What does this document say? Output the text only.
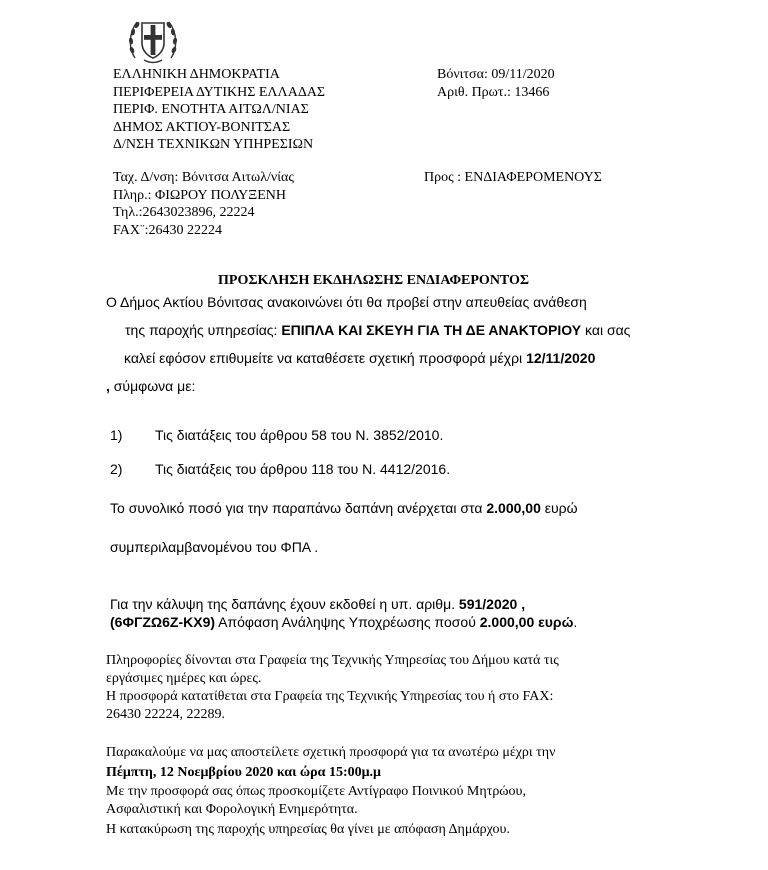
ΕΛΛΗΝΙΚΗ ΔΗΜΟΚΡΑΤΙΑ
ΠΕΡΙΦΕΡΕΙΑ ΔΥΤΙΚΗΣ ΕΛΛΑΔΑΣ
ΠΕΡΙΦ. ΕΝΟΤΗΤΑ ΑΙΤΩΛ/ΝΙΑΣ
ΔΗΜΟΣ ΑΚΤΙΟΥ-ΒΟΝΙΤΣΑΣ
Δ/ΝΣΗ ΤΕΧΝΙΚΩΝ ΥΠΗΡΕΣΙΩΝ
Βόνιτσα: 09/11/2020
Αριθ. Πρωτ.: 13466
Ταχ. Δ/νση: Βόνιτσα Αιτωλ/νίας
Πληρ.: ΦΙΩΡΟΥ ΠΟΛΥΞΕΝΗ
Τηλ.:2643023896, 22224
FAX¨:26430 22224
Προς : ΕΝΔΙΑΦΕΡΟΜΕΝΟΥΣ
ΠΡΟΣΚΛΗΣΗ ΕΚΔΗΛΩΣΗΣ ΕΝΔΙΑΦΕΡΟΝΤΟΣ
Ο Δήμος Ακτίου Βόνιτσας ανακοινώνει ότι θα προβεί στην απευθείας ανάθεση
της παροχής υπηρεσίας: ΕΠΙΠΛΑ ΚΑΙ ΣΚΕΥΗ ΓΙΑ ΤΗ ΔΕ ΑΝΑΚΤΟΡΙΟΥ και σας
καλεί εφόσον επιθυμείτε να καταθέσετε σχετική προσφορά μέχρι 12/11/2020
, σύμφωνα με:
1) Τις διατάξεις του άρθρου 58 του Ν. 3852/2010.
2) Τις διατάξεις του άρθρου 118 του Ν. 4412/2016.
Το συνολικό ποσό για την παραπάνω δαπάνη ανέρχεται στα 2.000,00 ευρώ
συμπεριλαμβανομένου του ΦΠΑ .
Για την κάλυψη της δαπάνης έχουν εκδοθεί η υπ. αριθμ. 591/2020 ,
(6ΦΓΖΩ6Ζ-ΚΧ9) Απόφαση Ανάληψης Υποχρέωσης ποσού 2.000,00 ευρώ.
Πληροφορίες δίνονται στα Γραφεία της Τεχνικής Υπηρεσίας του Δήμου κατά τις
εργάσιμες ημέρες και ώρες.
Η προσφορά κατατίθεται στα Γραφεία της Τεχνικής Υπηρεσίας του ή στο FAX:
26430 22224, 22289.
Παρακαλούμε να μας αποστείλετε σχετική προσφορά για τα ανωτέρω μέχρι την
Πέμπτη, 12 Νοεμβρίου 2020 και ώρα 15:00μ.μ
Με την προσφορά σας όπως προσκομίζετε Αντίγραφο Ποινικού Μητρώου,
Ασφαλιστική και Φορολογική Ενημερότητα.
Η κατακύρωση της παροχής υπηρεσίας θα γίνει με απόφαση Δημάρχου.
